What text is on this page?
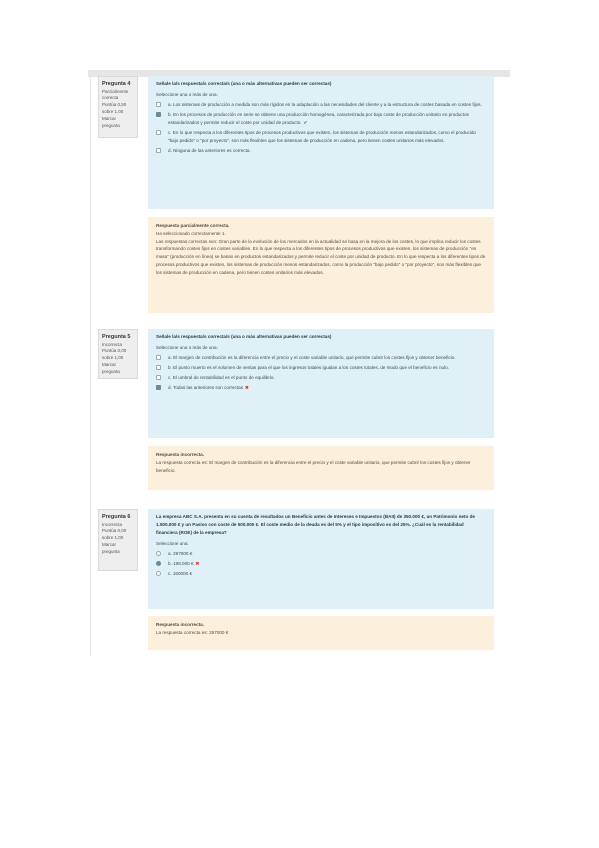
Pregunta 4
Parcialmente
correcta
Puntúa 0,50
sobre 1,00
Marcar
pregunta
Señale la/s respuesta/s correcta/s (una o más alternativas pueden ser correctas)
Seleccione una o más de una:
a. Los sistemas de producción a medida son más rígidos en la adaptación a las necesidades del cliente y a la estructura de costes basada en costes fijos.
b. En los procesos de producción en serie se obtiene una producción homogénea, caracterizada por bajo coste de producción unitario en productos estandarizados y permite reducir el coste por unidad de producto. ✔
c. En lo que respecta a los diferentes tipos de procesos productivos que existen, los sistemas de producción menos estandarizados, como el producido "bajo pedido" o "por proyecto", son más flexibles que los sistemas de producción en cadena, pero tienen costes unitarios más elevados.
d. Ninguna de las anteriores es correcta.
Respuesta parcialmente correcta.
Ha seleccionado correctamente 1.
Las respuestas correctas son: Gran parte de la evolución de los mercados en la actualidad se basa en la mejora de los costes, lo que implica reducir los costes transformando costes fijos en costes variables. En lo que respecta a los diferentes tipos de procesos productivos que existen, los sistemas de producción "en masa" (producción en línea) se basan en productos estandarizados y permite reducir el coste por unidad de producto. En lo que respecta a los diferentes tipos de procesos productivos que existen, los sistemas de producción menos estandarizados, como la producción "bajo pedido" o "por proyecto", son más flexibles que los sistemas de producción en cadena, pero tienen costes unitarios más elevados.
Pregunta 5
Incorrecta
Puntúa 0,00
sobre 1,00
Marcar
pregunta
Señale la/s respuesta/s correcta/s (una o más alternativas pueden ser correctas)
Seleccione una o más de una:
a. El margen de contribución es la diferencia entre el precio y el coste variable unitario, que permite cubrir los costes fijos y obtener beneficio.
b. El punto muerto es el volumen de ventas para el que los ingresos totales igualan a los costes totales, de modo que el beneficio es nulo.
c. El umbral de rentabilidad es el punto de equilibrio.
d. Todas las anteriores son correctas ✖
Respuesta incorrecta.
La respuesta correcta es: El margen de contribución es la diferencia entre el precio y el coste variable unitario, que permite cubrir los costes fijos y obtener beneficio.
Pregunta 6
Incorrecta
Puntúa 0,00
sobre 1,00
Marcar
pregunta
La empresa ABC S.A. presenta en su cuenta de resultados un Beneficio antes de Intereses e Impuestos (BAII) de 350.000 €, un Patrimonio neto de 1.500.000 € y un Pasivo con coste de 500.000 €. El coste medio de la deuda es del 5% y el tipo impositivo es del 25%. ¿Cuál es la rentabilidad financiera (ROE) de la empresa?
Seleccione una:
a. 297000 €
b. 198.000 € ✖
c. 150000 €
Respuesta incorrecta.
La respuesta correcta es: 297000 €
